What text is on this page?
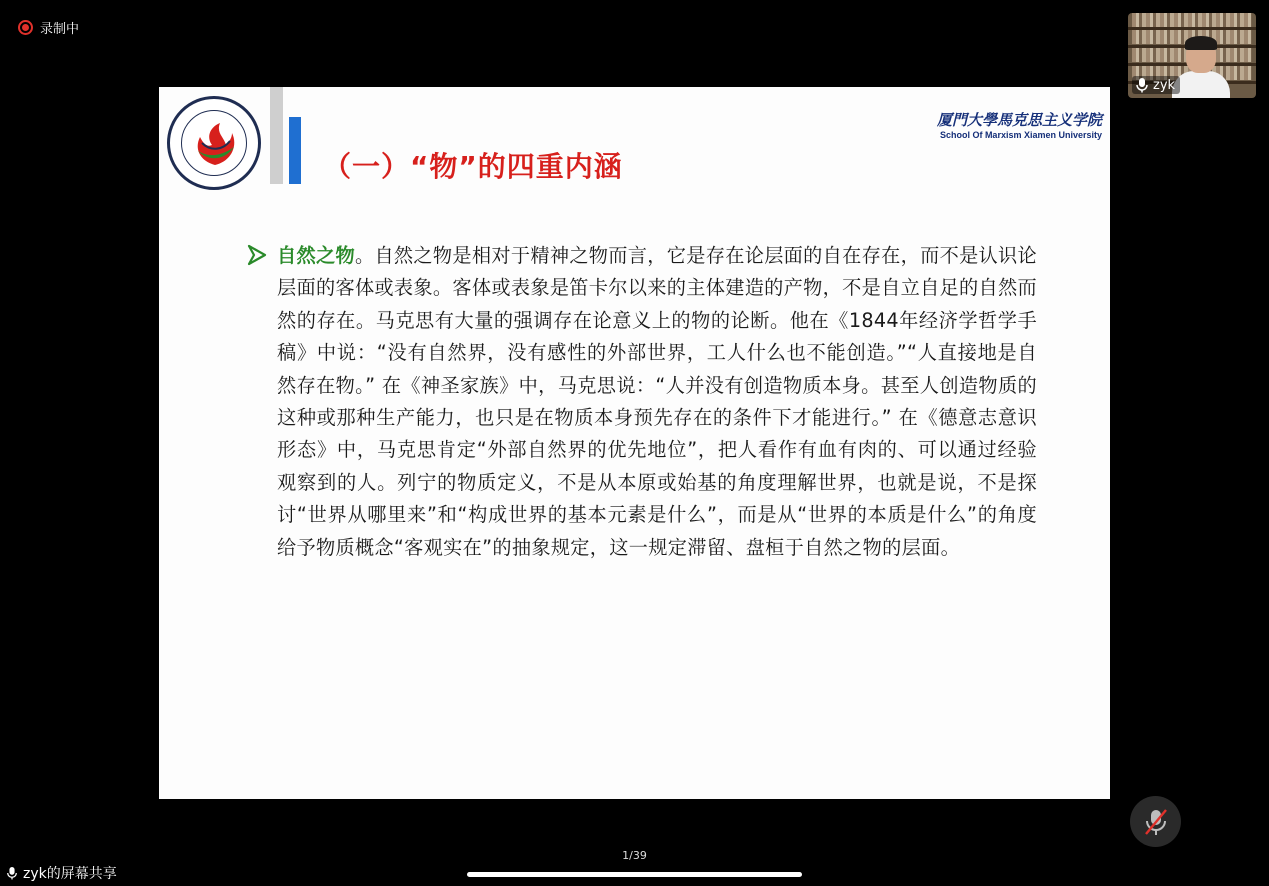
录制中
zyk
（一）“物”的四重内涵
厦門大學馬克思主义学院
School Of Marxism Xiamen University

自然之物。自然之物是相对于精神之物而言，它是存在论层面的自在存在，而不是认识论层面的客体或表象。客体或表象是笛卡尔以来的主体建造的产物，不是自立自足的自然而然的存在。马克思有大量的强调存在论意义上的物的论断。他在《1844年经济学哲学手稿》中说：“没有自然界，没有感性的外部世界，工人什么也不能创造。”“人直接地是自然存在物。” 在《神圣家族》中，马克思说：“人并没有创造物质本身。甚至人创造物质的这种或那种生产能力，也只是在物质本身预先存在的条件下才能进行。” 在《德意志意识形态》中，马克思肯定“外部自然界的优先地位”，把人看作有血有肉的、可以通过经验观察到的人。列宁的物质定义，不是从本原或始基的角度理解世界，也就是说，不是探讨“世界从哪里来”和“构成世界的基本元素是什么”，而是从“世界的本质是什么”的角度给予物质概念“客观实在”的抽象规定，这一规定滞留、盘桓于自然之物的层面。

1/39
zyk的屏幕共享
